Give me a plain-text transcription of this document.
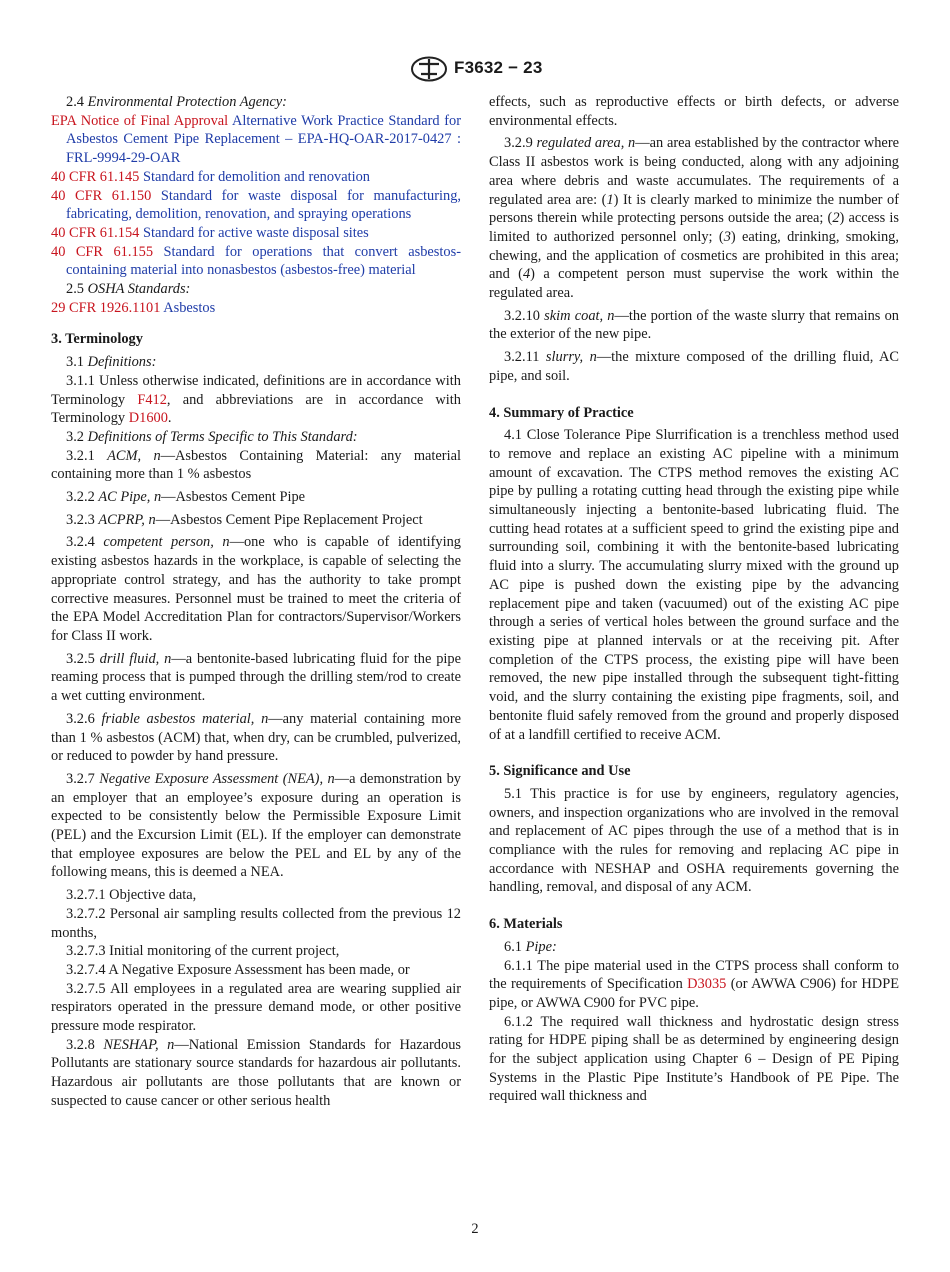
F3632 − 23

2.4 Environmental Protection Agency:

EPA Notice of Final Approval Alternative Work Practice Standard for Asbestos Cement Pipe Replacement – EPA-HQ-OAR-2017-0427 : FRL-9994-29-OAR

40 CFR 61.145 Standard for demolition and renovation

40 CFR 61.150 Standard for waste disposal for manufacturing, fabricating, demolition, renovation, and spraying operations

40 CFR 61.154 Standard for active waste disposal sites

40 CFR 61.155 Standard for operations that convert asbestos-containing material into nonasbestos (asbestos-free) material

2.5 OSHA Standards:

29 CFR 1926.1101 Asbestos

3. Terminology

3.1 Definitions:

3.1.1 Unless otherwise indicated, definitions are in accordance with Terminology F412, and abbreviations are in accordance with Terminology D1600.

3.2 Definitions of Terms Specific to This Standard:

3.2.1 ACM, n—Asbestos Containing Material: any material containing more than 1 % asbestos

3.2.2 AC Pipe, n—Asbestos Cement Pipe

3.2.3 ACPRP, n—Asbestos Cement Pipe Replacement Project

3.2.4 competent person, n—one who is capable of identifying existing asbestos hazards in the workplace, is capable of selecting the appropriate control strategy, and has the authority to take prompt corrective measures. Personnel must be trained to meet the criteria of the EPA Model Accreditation Plan for contractors/Supervisor/Workers for Class II work.

3.2.5 drill fluid, n—a bentonite-based lubricating fluid for the pipe reaming process that is pumped through the drilling stem/rod to create a wet cutting environment.

3.2.6 friable asbestos material, n—any material containing more than 1 % asbestos (ACM) that, when dry, can be crumbled, pulverized, or reduced to powder by hand pressure.

3.2.7 Negative Exposure Assessment (NEA), n—a demonstration by an employer that an employee’s exposure during an operation is expected to be consistently below the Permissible Exposure Limit (PEL) and the Excursion Limit (EL). If the employer can demonstrate that employee exposures are below the PEL and EL by any of the following means, this is deemed a NEA.

3.2.7.1 Objective data,

3.2.7.2 Personal air sampling results collected from the previous 12 months,

3.2.7.3 Initial monitoring of the current project,

3.2.7.4 A Negative Exposure Assessment has been made, or

3.2.7.5 All employees in a regulated area are wearing supplied air respirators operated in the pressure demand mode, or other positive pressure mode respirator.

3.2.8 NESHAP, n—National Emission Standards for Hazardous Pollutants are stationary source standards for hazardous air pollutants. Hazardous air pollutants are those pollutants that are known or suspected to cause cancer or other serious health

effects, such as reproductive effects or birth defects, or adverse environmental effects.

3.2.9 regulated area, n—an area established by the contractor where Class II asbestos work is being conducted, along with any adjoining area where debris and waste accumulates. The requirements of a regulated area are: (1) It is clearly marked to minimize the number of persons therein while protecting persons outside the area; (2) access is limited to authorized personnel only; (3) eating, drinking, smoking, chewing, and the application of cosmetics are prohibited in this area; and (4) a competent person must supervise the work within the regulated area.

3.2.10 skim coat, n—the portion of the waste slurry that remains on the exterior of the new pipe.

3.2.11 slurry, n—the mixture composed of the drilling fluid, AC pipe, and soil.

4. Summary of Practice

4.1 Close Tolerance Pipe Slurrification is a trenchless method used to remove and replace an existing AC pipeline with a minimum amount of excavation. The CTPS method removes the existing AC pipe by pulling a rotating cutting head through the existing pipe while simultaneously injecting a bentonite-based lubricating fluid. The cutting head rotates at a sufficient speed to grind the existing pipe and surrounding soil, combining it with the bentonite-based lubricating fluid into a slurry. The accumulating slurry mixed with the ground up AC pipe is pushed down the existing pipe by the advancing replacement pipe and taken (vacuumed) out of the existing AC pipe through a series of vertical holes between the ground surface and the existing pipe at planned intervals or at the receiving pit. After completion of the CTPS process, the existing pipe will have been removed, the new pipe installed through the subsequent tight-fitting void, and the slurry containing the existing pipe fragments, soil, and bentonite fluid safely removed from the ground and properly disposed of at a landfill certified to receive ACM.

5. Significance and Use

5.1 This practice is for use by engineers, regulatory agencies, owners, and inspection organizations who are involved in the removal and replacement of AC pipes through the use of a method that is in compliance with the rules for removing and replacing AC pipe in accordance with NESHAP and OSHA requirements governing the handling, removal, and disposal of any ACM.

6. Materials

6.1 Pipe:

6.1.1 The pipe material used in the CTPS process shall conform to the requirements of Specification D3035 (or AWWA C906) for HDPE pipe, or AWWA C900 for PVC pipe.

6.1.2 The required wall thickness and hydrostatic design stress rating for HDPE piping shall be as determined by engineering design for the subject application using Chapter 6 – Design of PE Piping Systems in the Plastic Pipe Institute’s Handbook of PE Pipe. The required wall thickness and

2
